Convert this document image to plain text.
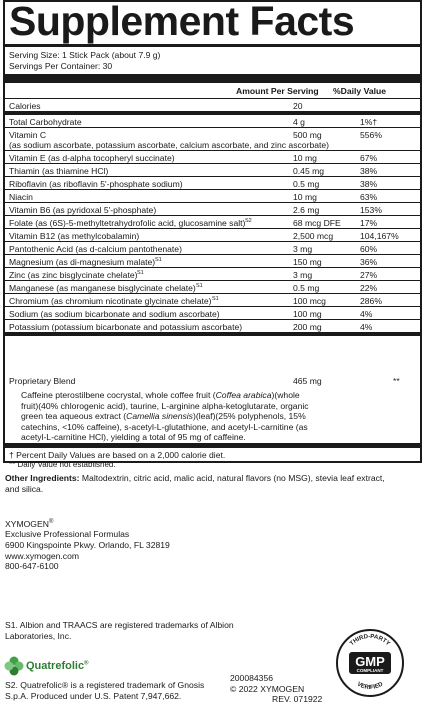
Supplement Facts
Serving Size: 1 Stick Pack (about 7.9 g)
Servings Per Container: 30
Amount Per Serving %Daily Value
Calories	20
Total Carbohydrate	4 g	1%†
Vitamin C
(as sodium ascorbate, potassium ascorbate, calcium ascorbate, and zinc ascorbate)
500 mg	556%
Vitamin E (as d-alpha tocopheryl succinate)	10 mg	67%
Thiamin (as thiamine HCl)	0.45 mg	38%
Riboflavin (as riboflavin 5'-phosphate sodium)	0.5 mg	38%
Niacin	10 mg	63%
Vitamin B6 (as pyridoxal 5'-phosphate)	2.6 mg	153%
Folate (as (6S)-5-methyltetrahydrofolic acid, glucosamine salt) S2	68 mcg DFE 17%
Vitamin B12 (as methylcobalamin)	2,500 mcg	104,167%
Pantothenic Acid (as d-calcium pantothenate)	3 mg	60%
Magnesium (as di-magnesium malate) S1	150 mg	36%
Zinc (as zinc bisglycinate chelate) S1	3 mg	27%
Manganese (as manganese bisglycinate chelate) S1	0.5 mg	22%
Chromium (as chromium nicotinate glycinate chelate) S1	100 mcg	286%
Sodium (as sodium bicarbonate and sodium ascorbate)	100 mg	4%
Potassium (potassium bicarbonate and potassium ascorbate)	200 mg	4%
Proprietary Blend	465 mg	**
Caffeine pterostilbene cocrystal, whole coffee fruit (Coffea arabica)(whole
fruit)(40% chlorogenic acid), taurine, L-arginine alpha-ketoglutarate, organic
green tea aqueous extract (Camellia sinensis)(leaf)(25% polyphenols, 15%
catechins, <10% caffeine), s-acetyl-L-glutathione, and acetyl-L-carnitine (as
acetyl-L-carnitine HCl), yielding a total of 95 mg of caffeine.
† Percent Daily Values are based on a 2,000 calorie diet.
** Daily Value not established.
Other Ingredients: Maltodextrin, citric acid, malic acid, natural flavors (no MSG), stevia leaf extract,
and silica.
XYMOGEN®
Exclusive Professional Formulas
6900 Kingspointe Pkwy. Orlando, FL 32819
www.xymogen.com
800-647-6100
S1. Albion and TRAACS are registered trademarks of Albion
Laboratories, Inc.
Quatrefolic®
S2. Quatrefolic® is a registered trademark of Gnosis
S.p.A. Produced under U.S. Patent 7,947,662.
200084356
© 2022 XYMOGEN
REV. 071922
THIRD-PARTY
GMP
COMPLIANT
VERIFIED
